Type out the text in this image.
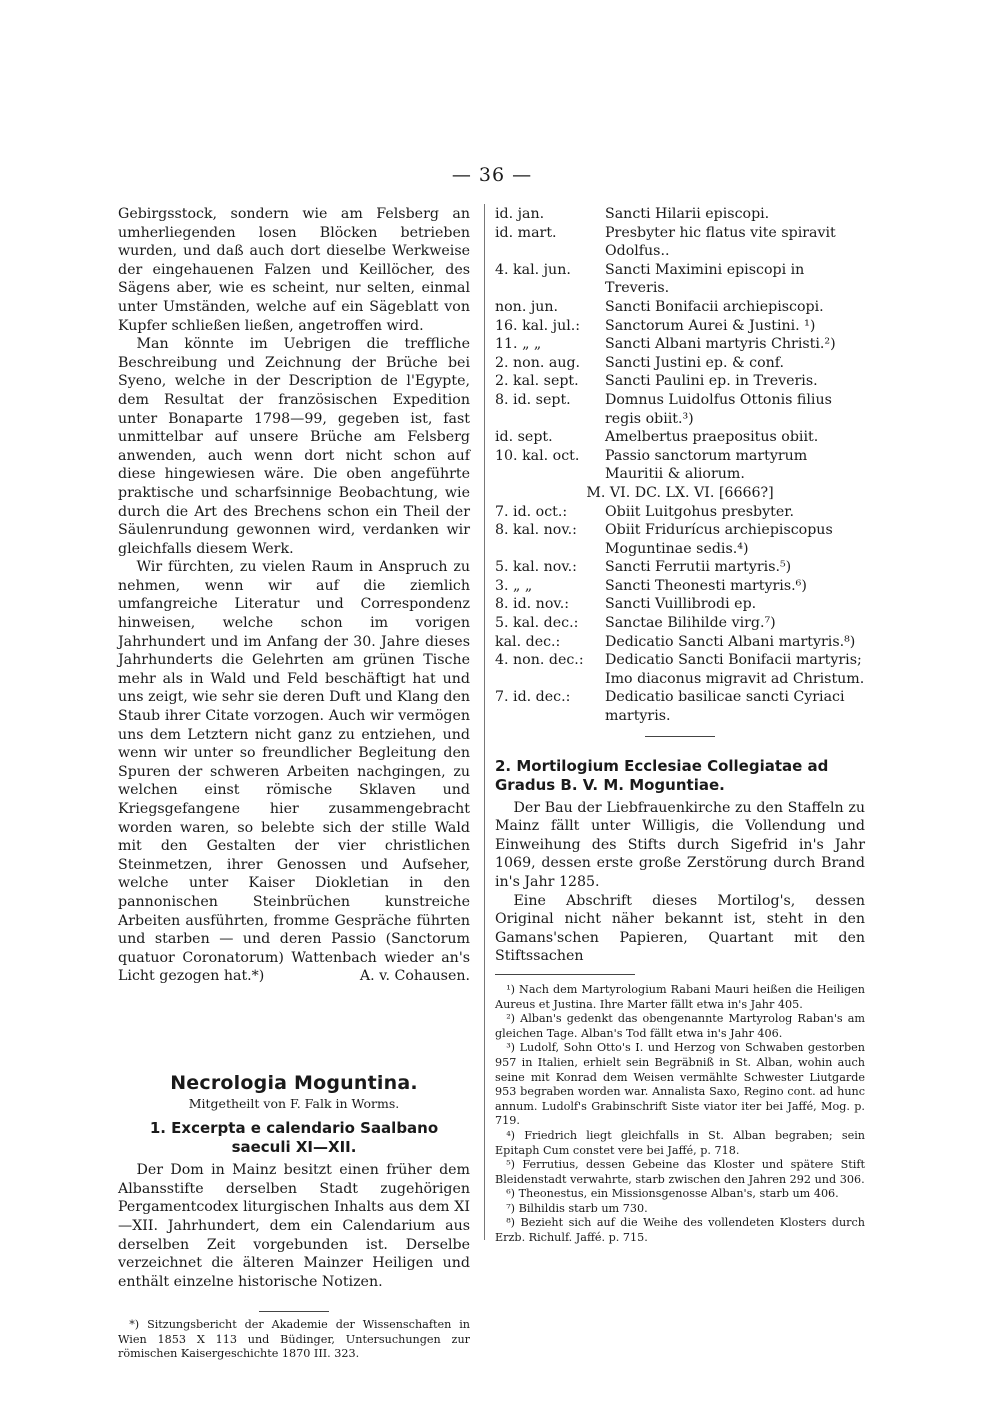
— 36 —

Gebirgsstock, sondern wie am Felsberg an umherliegenden losen Blöcken betrieben wurden, und daß auch dort dieselbe Werkweise der eingehauenen Falzen und Keillöcher, des Sägens aber, wie es scheint, nur selten, einmal unter Umständen, welche auf ein Sägeblatt von Kupfer schließen ließen, angetroffen wird.

Man könnte im Uebrigen die treffliche Beschreibung und Zeichnung der Brüche bei Syeno, welche in der Description de l'Egypte, dem Resultat der französischen Expedition unter Bonaparte 1798—99, gegeben ist, fast unmittelbar auf unsere Brüche am Felsberg anwenden, auch wenn dort nicht schon auf diese hingewiesen wäre. Die oben angeführte praktische und scharfsinnige Beobachtung, wie durch die Art des Brechens schon ein Theil der Säulenrundung gewonnen wird, verdanken wir gleichfalls diesem Werk.

Wir fürchten, zu vielen Raum in Anspruch zu nehmen, wenn wir auf die ziemlich umfangreiche Literatur und Correspondenz hinweisen, welche schon im vorigen Jahrhundert und im Anfang der 30. Jahre dieses Jahrhunderts die Gelehrten am grünen Tische mehr als in Wald und Feld beschäftigt hat und uns zeigt, wie sehr sie deren Duft und Klang den Staub ihrer Citate vorzogen. Auch wir vermögen uns dem Letztern nicht ganz zu entziehen, und wenn wir unter so freundlicher Begleitung den Spuren der schweren Arbeiten nachgingen, zu welchen einst römische Sklaven und Kriegsgefangene hier zusammengebracht worden waren, so belebte sich der stille Wald mit den Gestalten der vier christlichen Steinmetzen, ihrer Genossen und Aufseher, welche unter Kaiser Diokletian in den pannonischen Steinbrüchen kunstreiche Arbeiten ausführten, fromme Gespräche führten und starben — und deren Passio (Sanctorum quatuor Coronatorum) Wattenbach wieder an's Licht gezogen hat.*)	A. v. Cohausen.
Necrologia Moguntina.
Mitgetheilt von F. Falk in Worms.
1. Excerpta e calendario Saalbano saeculi XI—XII.

Der Dom in Mainz besitzt einen früher dem Albansstifte derselben Stadt zugehörigen Pergamentcodex liturgischen Inhalts aus dem XI—XII. Jahrhundert, dem ein Calendarium aus derselben Zeit vorgebunden ist. Derselbe verzeichnet die älteren Mainzer Heiligen und enthält einzelne historische Notizen.

*) Sitzungsbericht der Akademie der Wissenschaften in Wien 1853 X 113 und Büdinger, Untersuchungen zur römischen Kaisergeschichte 1870 III. 323.

id. jan.	Sancti Hilarii episcopi.
id. mart.	Presbyter hic flatus vite spiravit Odolfus..
4. kal. jun.	Sancti Maximini episcopi in Treveris.
non. jun.	Sancti Bonifacii archiepiscopi.
16. kal. jul.:	Sanctorum Aurei & Justini. ¹)
11. „ „	Sancti Albani martyris Christi.²)
2. non. aug.	Sancti Justini ep. & conf.
2. kal. sept.	Sancti Paulini ep. in Treveris.
8. id. sept.	Domnus Luidolfus Ottonis filius regis obiit.³)
id. sept.	Amelbertus praepositus obiit.
10. kal. oct.	Passio sanctorum martyrum Mauritii & aliorum.

M. VI. DC. LX. VI. [6666?]

7. id. oct.:	Obiit Luitgohus presbyter.
8. kal. nov.:	Obiit Fridurícus archiepiscopus Moguntinae sedis.⁴)
5. kal. nov.:	Sancti Ferrutii martyris.⁵)
3. „ „	Sancti Theonesti martyris.⁶)
8. id. nov.:	Sancti Vuillibrodi ep.
5. kal. dec.:	Sanctae Bilihilde virg.⁷)
kal. dec.:	Dedicatio Sancti Albani martyris.⁸)
4. non. dec.:	Dedicatio Sancti Bonifacii martyris; Imo diaconus migravit ad Christum.
7. id. dec.:	Dedicatio basilicae sancti Cyriaci martyris.
2. Mortilogium Ecclesiae Collegiatae ad Gradus B. V. M. Moguntiae.

Der Bau der Liebfrauenkirche zu den Staffeln zu Mainz fällt unter Willigis, die Vollendung und Einweihung des Stifts durch Sigefrid in's Jahr 1069, dessen erste große Zerstörung durch Brand in's Jahr 1285.

Eine Abschrift dieses Mortilog's, dessen Original nicht näher bekannt ist, steht in den Gamans'schen Papieren, Quartant mit den Stiftssachen

¹) Nach dem Martyrologium Rabani Mauri heißen die Heiligen Aureus et Justina. Ihre Marter fällt etwa in's Jahr 405.

²) Alban's gedenkt das obengenannte Martyrolog Raban's am gleichen Tage. Alban's Tod fällt etwa in's Jahr 406.

³) Ludolf, Sohn Otto's I. und Herzog von Schwaben gestorben 957 in Italien, erhielt sein Begräbniß in St. Alban, wohin auch seine mit Konrad dem Weisen vermählte Schwester Liutgarde 953 begraben worden war. Annalista Saxo, Regino cont. ad hunc annum. Ludolf's Grabinschrift Siste viator iter bei Jaffé, Mog. p. 719.

⁴) Friedrich liegt gleichfalls in St. Alban begraben; sein Epitaph Cum constet vere bei Jaffé, p. 718.

⁵) Ferrutius, dessen Gebeine das Kloster und spätere Stift Bleidenstadt verwahrte, starb zwischen den Jahren 292 und 306.

⁶) Theonestus, ein Missionsgenosse Alban's, starb um 406.

⁷) Bilhildis starb um 730.

⁸) Bezieht sich auf die Weihe des vollendeten Klosters durch Erzb. Richulf. Jaffé. p. 715.
